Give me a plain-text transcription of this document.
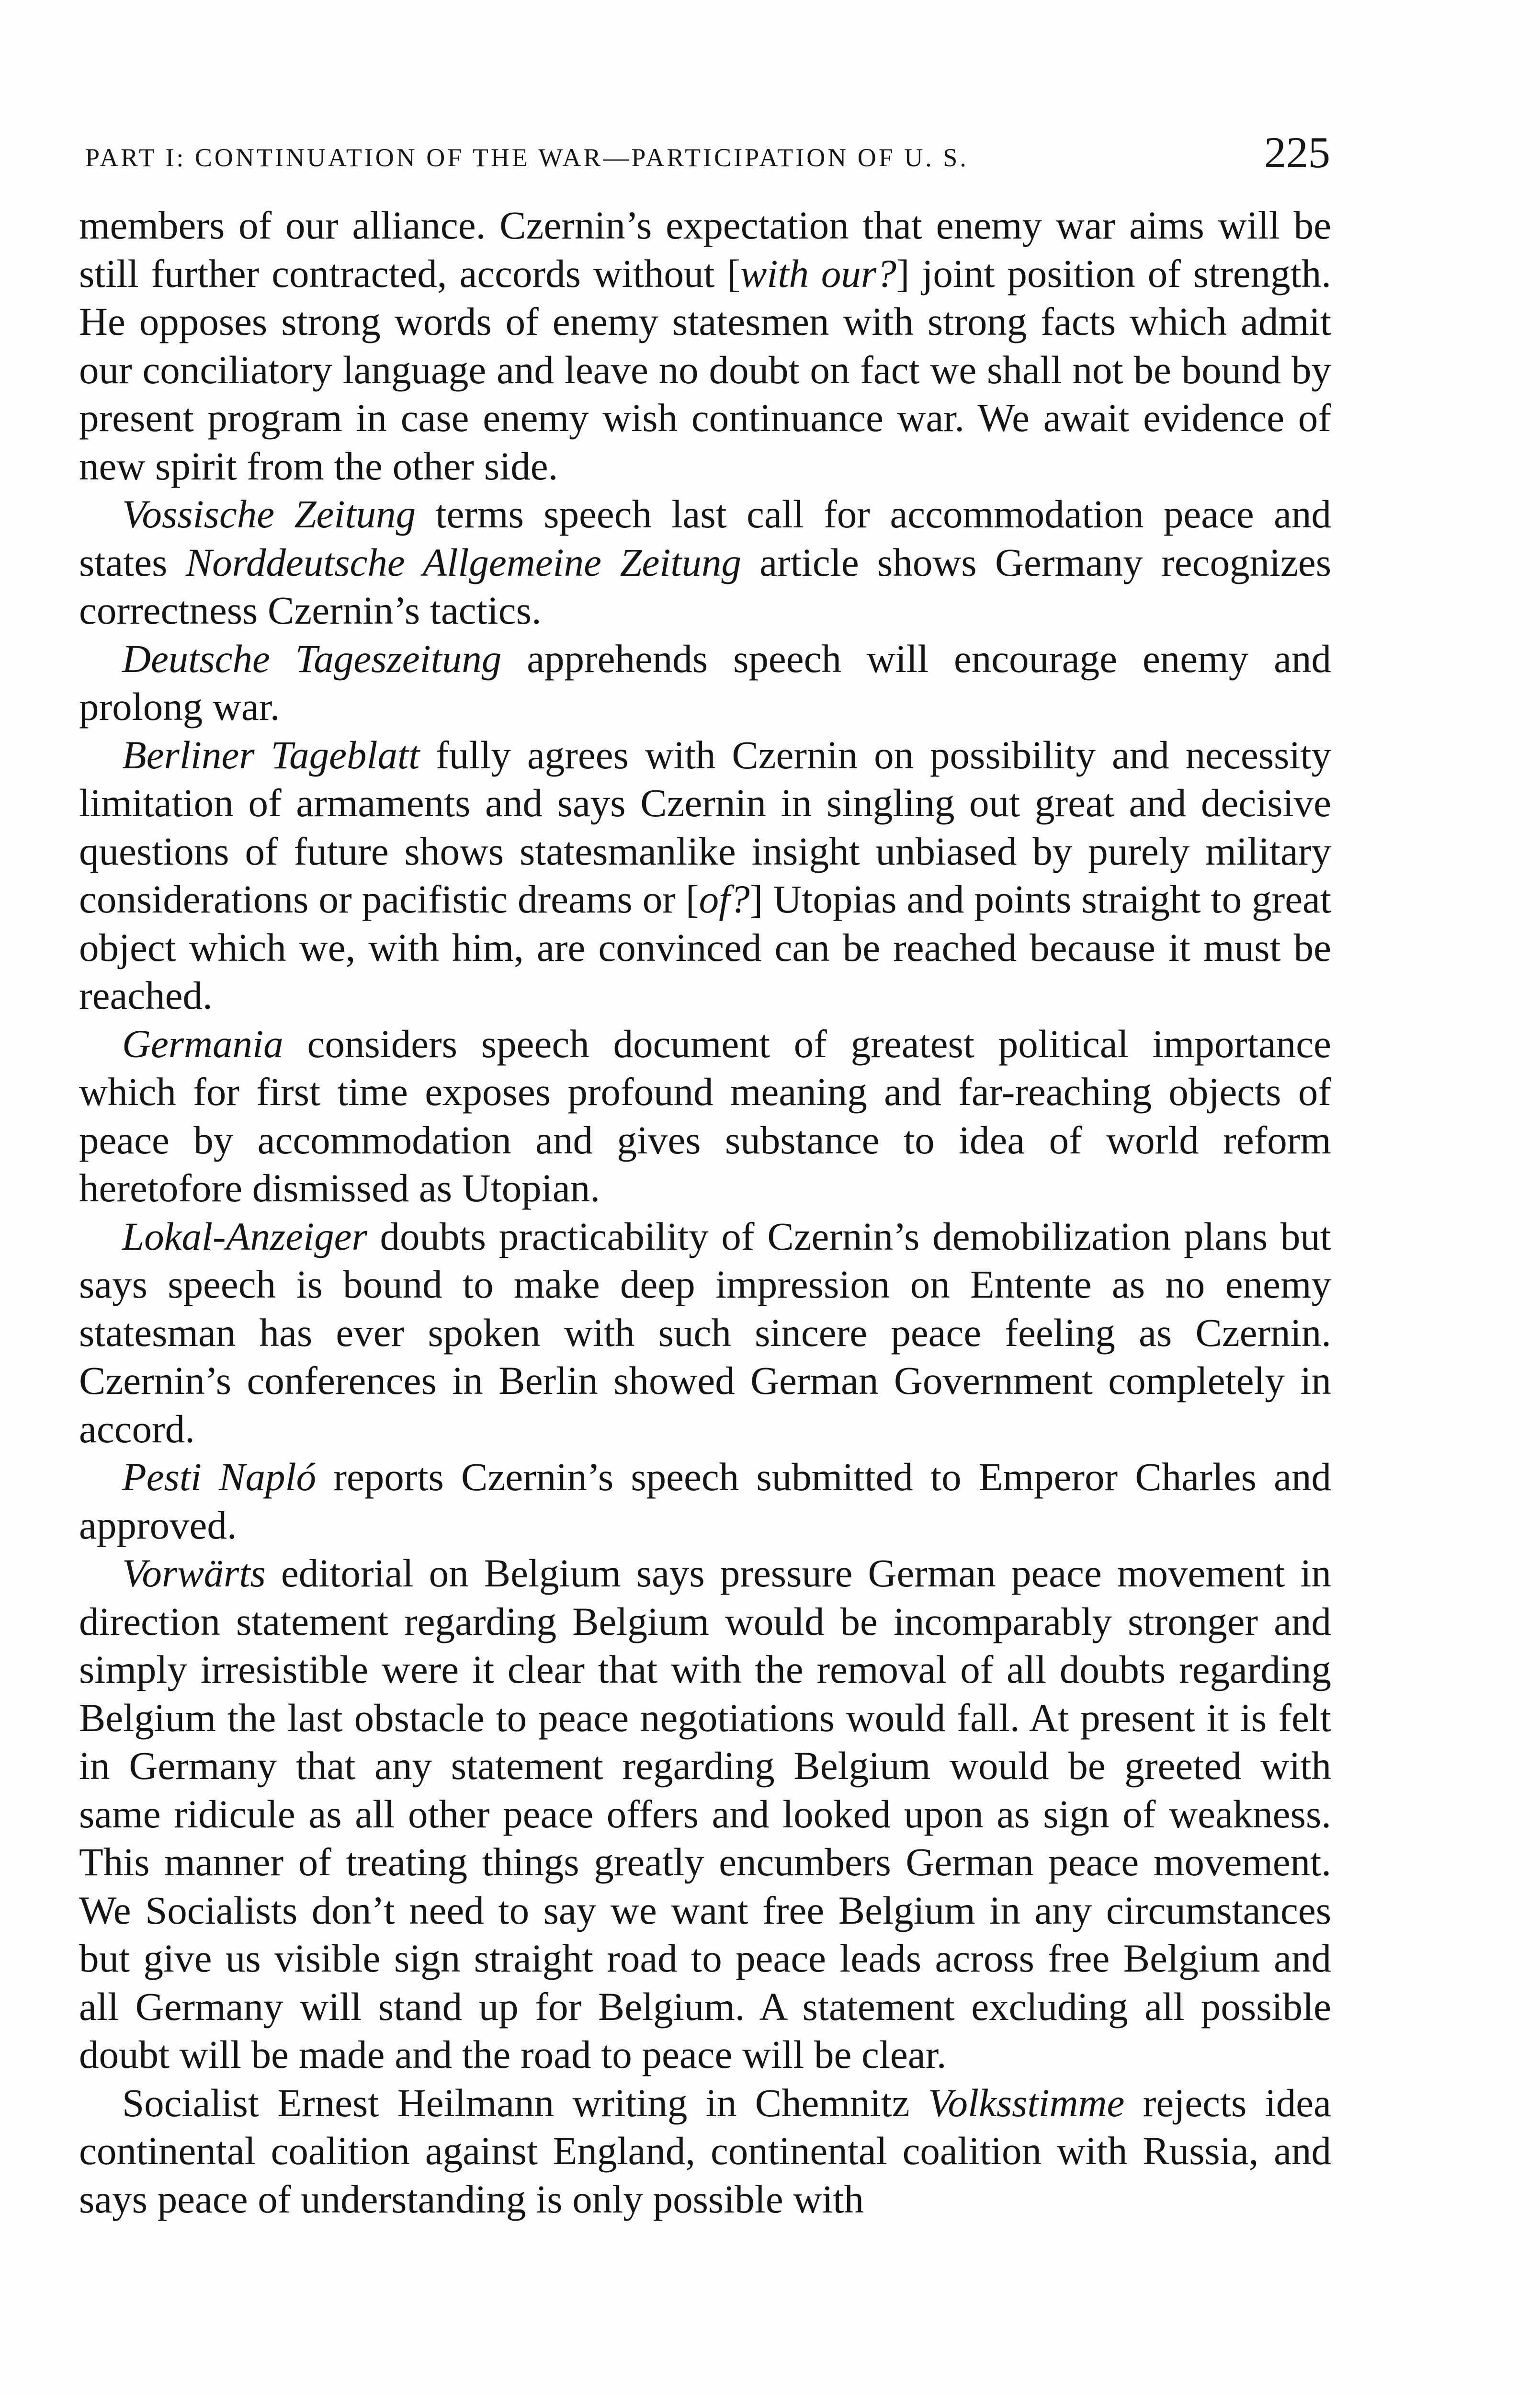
PART I: CONTINUATION OF THE WAR—PARTICIPATION OF U. S.	225

members of our alliance. Czernin’s expectation that enemy war aims will be still further contracted, accords without [with our?] joint position of strength. He opposes strong words of enemy statesmen with strong facts which admit our conciliatory language and leave no doubt on fact we shall not be bound by present program in case enemy wish continuance war. We await evidence of new spirit from the other side.

Vossische Zeitung terms speech last call for accommodation peace and states Norddeutsche Allgemeine Zeitung article shows Germany recognizes correctness Czernin’s tactics.

Deutsche Tageszeitung apprehends speech will encourage enemy and prolong war.

Berliner Tageblatt fully agrees with Czernin on possibility and necessity limitation of armaments and says Czernin in singling out great and decisive questions of future shows statesmanlike insight unbiased by purely military considerations or pacifistic dreams or [of?] Utopias and points straight to great object which we, with him, are convinced can be reached because it must be reached.

Germania considers speech document of greatest political importance which for first time exposes profound meaning and far-reaching objects of peace by accommodation and gives substance to idea of world reform heretofore dismissed as Utopian.

Lokal-Anzeiger doubts practicability of Czernin’s demobilization plans but says speech is bound to make deep impression on Entente as no enemy statesman has ever spoken with such sincere peace feeling as Czernin. Czernin’s conferences in Berlin showed German Government completely in accord.

Pesti Napló reports Czernin’s speech submitted to Emperor Charles and approved.

Vorwärts editorial on Belgium says pressure German peace movement in direction statement regarding Belgium would be incomparably stronger and simply irresistible were it clear that with the removal of all doubts regarding Belgium the last obstacle to peace negotiations would fall. At present it is felt in Germany that any statement regarding Belgium would be greeted with same ridicule as all other peace offers and looked upon as sign of weakness. This manner of treating things greatly encumbers German peace movement. We Socialists don’t need to say we want free Belgium in any circumstances but give us visible sign straight road to peace leads across free Belgium and all Germany will stand up for Belgium. A statement excluding all possible doubt will be made and the road to peace will be clear.

Socialist Ernest Heilmann writing in Chemnitz Volksstimme rejects idea continental coalition against England, continental coalition with Russia, and says peace of understanding is only possible with
